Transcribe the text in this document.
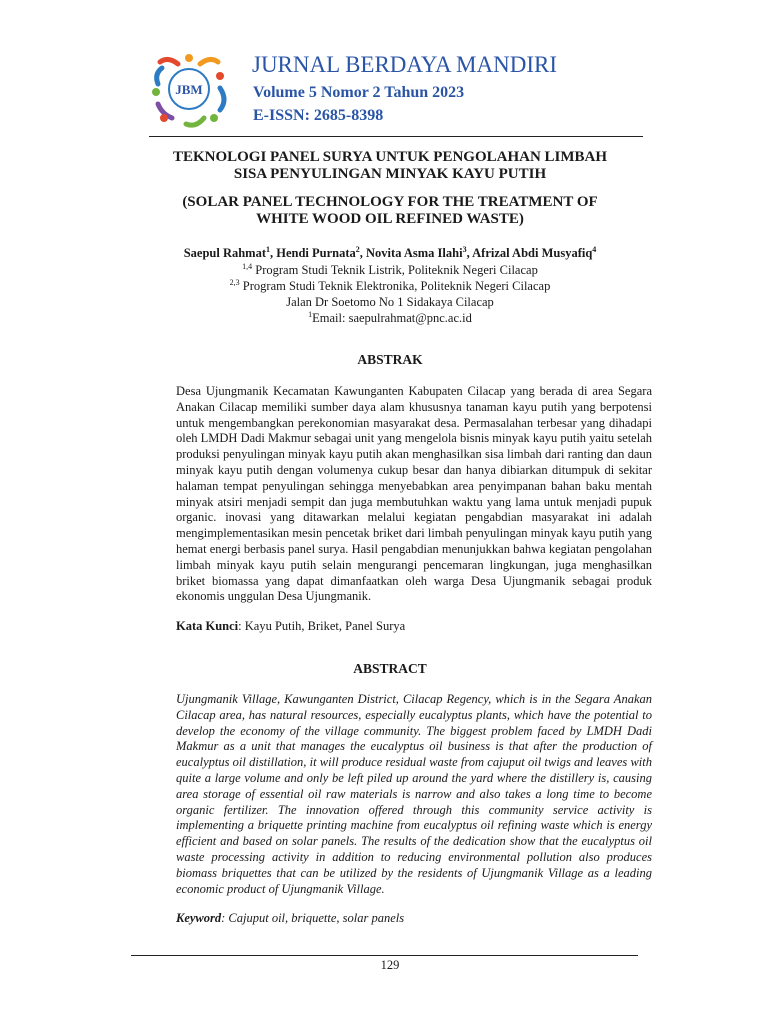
JBM
JURNAL BERDAYA MANDIRI
Volume 5 Nomor 2 Tahun 2023
E-ISSN: 2685-8398
TEKNOLOGI PANEL SURYA UNTUK PENGOLAHAN LIMBAH
SISA PENYULINGAN MINYAK KAYU PUTIH
(SOLAR PANEL TECHNOLOGY FOR THE TREATMENT OF
WHITE WOOD OIL REFINED WASTE)
Saepul Rahmat$^1$, Hendi Purnata$^2$, Novita Asma Ilahi$^3$, Afrizal Abdi Musyafiq$^4$
$^{1,4}$ Program Studi Teknik Listrik, Politeknik Negeri Cilacap
$^{2,3}$ Program Studi Teknik Elektronika, Politeknik Negeri Cilacap
Jalan Dr Soetomo No 1 Sidakaya Cilacap
$^1$Email: saepulrahmat@pnc.ac.id
ABSTRAK
Desa Ujungmanik Kecamatan Kawunganten Kabupaten Cilacap yang berada di area Segara Anakan Cilacap memiliki sumber daya alam khususnya tanaman kayu putih yang berpotensi untuk mengembangkan perekonomian masyarakat desa. Permasalahan terbesar yang dihadapi oleh LMDH Dadi Makmur sebagai unit yang mengelola bisnis minyak kayu putih yaitu setelah produksi penyulingan minyak kayu putih akan menghasilkan sisa limbah dari ranting dan daun minyak kayu putih dengan volumenya cukup besar dan hanya dibiarkan ditumpuk di sekitar halaman tempat penyulingan sehingga menyebabkan area penyimpanan bahan baku mentah minyak atsiri menjadi sempit dan juga membutuhkan waktu yang lama untuk menjadi pupuk organic. inovasi yang ditawarkan melalui kegiatan pengabdian masyarakat ini adalah mengimplementasikan mesin pencetak briket dari limbah penyulingan minyak kayu putih yang hemat energi berbasis panel surya. Hasil pengabdian menunjukkan bahwa kegiatan pengolahan limbah minyak kayu putih selain mengurangi pencemaran lingkungan, juga menghasilkan briket biomassa yang dapat dimanfaatkan oleh warga Desa Ujungmanik sebagai produk ekonomis unggulan Desa Ujungmanik.
Kata Kunci: Kayu Putih, Briket, Panel Surya
ABSTRACT
Ujungmanik Village, Kawunganten District, Cilacap Regency, which is in the Segara Anakan Cilacap area, has natural resources, especially eucalyptus plants, which have the potential to develop the economy of the village community. The biggest problem faced by LMDH Dadi Makmur as a unit that manages the eucalyptus oil business is that after the production of eucalyptus oil distillation, it will produce residual waste from cajuput oil twigs and leaves with quite a large volume and only be left piled up around the yard where the distillery is, causing area storage of essential oil raw materials is narrow and also takes a long time to become organic fertilizer. The innovation offered through this community service activity is implementing a briquette printing machine from eucalyptus oil refining waste which is energy efficient and based on solar panels. The results of the dedication show that the eucalyptus oil waste processing activity in addition to reducing environmental pollution also produces biomass briquettes that can be utilized by the residents of Ujungmanik Village as a leading economic product of Ujungmanik Village.
Keyword: Cajuput oil, briquette, solar panels
129
